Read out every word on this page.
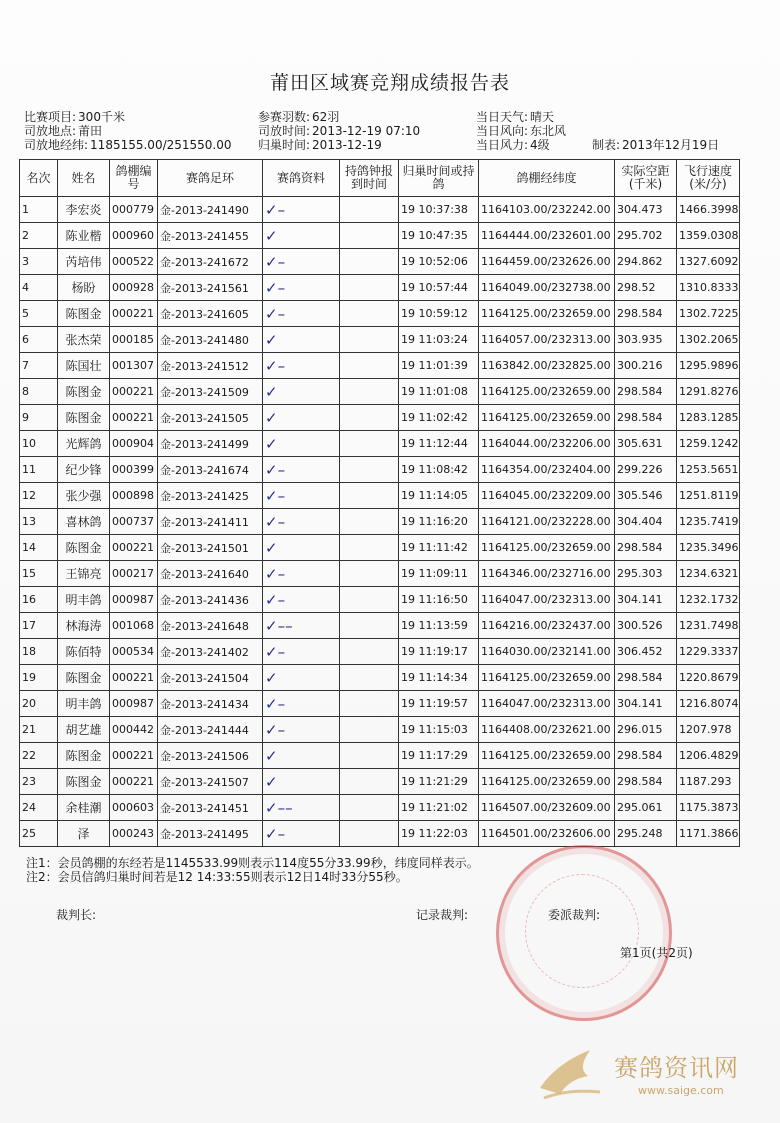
莆田区域赛竞翔成绩报告表
比赛项目: 300千米
司放地点: 莆田
司放地经纬: 1185155.00/251550.00
参赛羽数: 62羽
司放时间: 2013-12-19 07:10
归巢时间: 2013-12-19
当日天气: 晴天
当日风向: 东北风
当日风力: 4级	制表: 2013年12月19日
名次	姓名	鸽棚编号	赛鸽足环	赛鸽资料	持鸽钟报到时间	归巢时间或持鸽	鸽棚经纬度	实际空距(千米)	飞行速度(米/分)
1	李宏炎	000779	金-2013-241490	✓–		19 10:37:38	1164103.00/232242.00	304.473	1466.3998
2	陈业楷	000960	金-2013-241455	✓		19 10:47:35	1164444.00/232601.00	295.702	1359.0308
3	芮培伟	000522	金-2013-241672	✓–		19 10:52:06	1164459.00/232626.00	294.862	1327.6092
4	杨盼	000928	金-2013-241561	✓–		19 10:57:44	1164049.00/232738.00	298.52	1310.8333
5	陈图金	000221	金-2013-241605	✓–		19 10:59:12	1164125.00/232659.00	298.584	1302.7225
6	张杰荣	000185	金-2013-241480	✓		19 11:03:24	1164057.00/232313.00	303.935	1302.2065
7	陈国壮	001307	金-2013-241512	✓–		19 11:01:39	1163842.00/232825.00	300.216	1295.9896
8	陈图金	000221	金-2013-241509	✓		19 11:01:08	1164125.00/232659.00	298.584	1291.8276
9	陈图金	000221	金-2013-241505	✓		19 11:02:42	1164125.00/232659.00	298.584	1283.1285
10	光辉鸽	000904	金-2013-241499	✓		19 11:12:44	1164044.00/232206.00	305.631	1259.1242
11	纪少锋	000399	金-2013-241674	✓–		19 11:08:42	1164354.00/232404.00	299.226	1253.5651
12	张少强	000898	金-2013-241425	✓–		19 11:14:05	1164045.00/232209.00	305.546	1251.8119
13	喜林鸽	000737	金-2013-241411	✓–		19 11:16:20	1164121.00/232228.00	304.404	1235.7419
14	陈图金	000221	金-2013-241501	✓		19 11:11:42	1164125.00/232659.00	298.584	1235.3496
15	王锦亮	000217	金-2013-241640	✓–		19 11:09:11	1164346.00/232716.00	295.303	1234.6321
16	明丰鸽	000987	金-2013-241436	✓–		19 11:16:50	1164047.00/232313.00	304.141	1232.1732
17	林海涛	001068	金-2013-241648	✓––		19 11:13:59	1164216.00/232437.00	300.526	1231.7498
18	陈佰特	000534	金-2013-241402	✓–		19 11:19:17	1164030.00/232141.00	306.452	1229.3337
19	陈图金	000221	金-2013-241504	✓		19 11:14:34	1164125.00/232659.00	298.584	1220.8679
20	明丰鸽	000987	金-2013-241434	✓–		19 11:19:57	1164047.00/232313.00	304.141	1216.8074
21	胡艺雄	000442	金-2013-241444	✓–		19 11:15:03	1164408.00/232621.00	296.015	1207.978
22	陈图金	000221	金-2013-241506	✓		19 11:17:29	1164125.00/232659.00	298.584	1206.4829
23	陈图金	000221	金-2013-241507	✓		19 11:21:29	1164125.00/232659.00	298.584	1187.293
24	余桂潮	000603	金-2013-241451	✓––		19 11:21:02	1164507.00/232609.00	295.061	1175.3873
25	泽	000243	金-2013-241495	✓–		19 11:22:03	1164501.00/232606.00	295.248	1171.3866
注1：会员鸽棚的东经若是1145533.99则表示114度55分33.99秒，纬度同样表示。
注2：会员信鸽归巢时间若是12 14:33:55则表示12日14时33分55秒。
裁判长:	记录裁判:	委派裁判:
第1页(共2页)
赛鸽资讯网
www.saige.com
